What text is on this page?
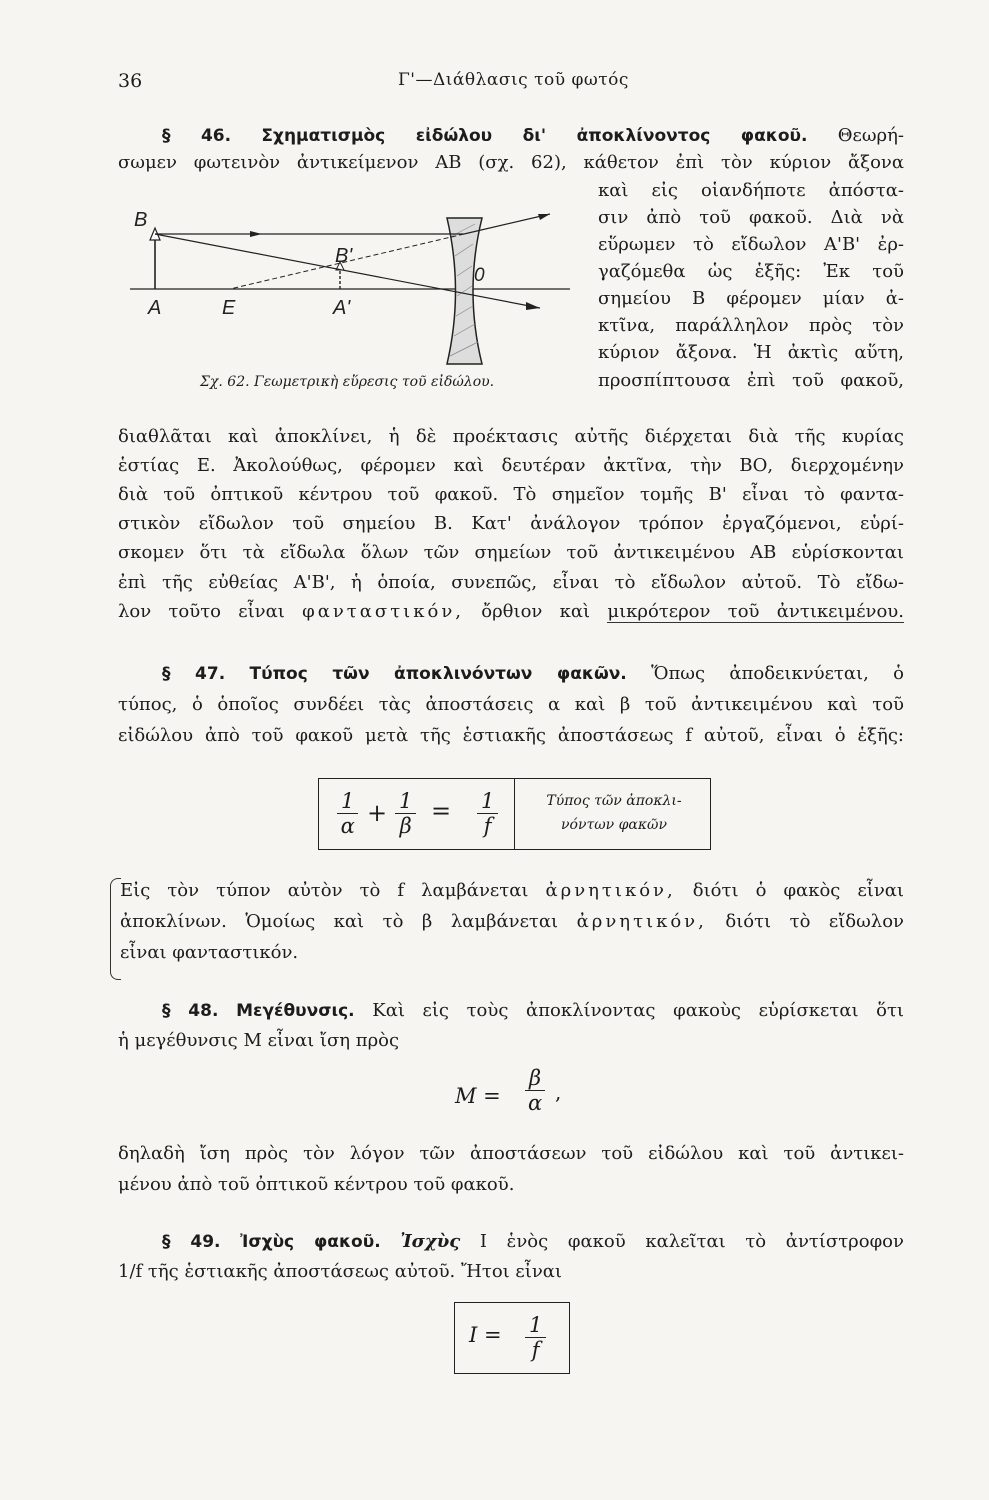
36	Γ'—Διάθλασις τοῦ φωτός
§ 46. Σχηματισμὸς εἰδώλου δι' ἀποκλίνοντος φακοῦ. Θεωρή-
σωμεν φωτεινὸν ἀντικείμενον ΑΒ (σχ. 62), κάθετον ἐπὶ τὸν κύριον ἄξονα
καὶ εἰς οἱανδήποτε ἀπόστα-
σιν ἀπὸ τοῦ φακοῦ. Διὰ νὰ
εὕρωμεν τὸ εἴδωλον Α'Β' ἐρ-
γαζόμεθα ὡς ἑξῆς: Ἐκ τοῦ
σημείου Β φέρομεν μίαν ἀ-
κτῖνα, παράλληλον πρὸς τὸν
κύριον ἄξονα. Ἡ ἀκτὶς αὕτη,
προσπίπτουσα ἐπὶ τοῦ φακοῦ,
B
A	E
B'
A'
0
Σχ. 62. Γεωμετρικὴ εὕρεσις τοῦ εἰδώλου.
διαθλᾶται καὶ ἀποκλίνει, ἡ δὲ προέκτασις αὐτῆς διέρχεται διὰ τῆς κυρίας
ἑστίας Ε. Ἀκολούθως, φέρομεν καὶ δευτέραν ἀκτῖνα, τὴν ΒΟ, διερχομένην
διὰ τοῦ ὀπτικοῦ κέντρου τοῦ φακοῦ. Τὸ σημεῖον τομῆς Β' εἶναι τὸ φαντα-
στικὸν εἴδωλον τοῦ σημείου Β. Κατ' ἀνάλογον τρόπον ἐργαζόμενοι, εὑρί-
σκομεν ὅτι τὰ εἴδωλα ὅλων τῶν σημείων τοῦ ἀντικειμένου ΑΒ εὑρίσκονται
ἐπὶ τῆς εὐθείας Α'Β', ἡ ὁποία, συνεπῶς, εἶναι τὸ εἴδωλον αὐτοῦ. Τὸ εἴδω-
λον τοῦτο εἶναι φανταστικόν, ὄρθιον καὶ μικρότερον τοῦ ἀντικειμένου.
§ 47. Τύπος τῶν ἀποκλινόντων φακῶν. Ὅπως ἀποδεικνύεται, ὁ
τύπος, ὁ ὁποῖος συνδέει τὰς ἀποστάσεις α καὶ β τοῦ ἀντικειμένου καὶ τοῦ
εἰδώλου ἀπὸ τοῦ φακοῦ μετὰ τῆς ἑστιακῆς ἀποστάσεως f αὐτοῦ, εἶναι ὁ ἑξῆς:
$\frac{1}{\alpha} + \frac{1}{\beta} = \frac{1}{f}$	Τύπος τῶν ἀποκλι-
νόντων φακῶν
Εἰς τὸν τύπον αὐτὸν τὸ f λαμβάνεται ἀρνητικόν, διότι ὁ φακὸς εἶναι
ἀποκλίνων. Ὁμοίως καὶ τὸ β λαμβάνεται ἀρνητικόν, διότι τὸ εἴδωλον
εἶναι φανταστικόν.
§ 48. Μεγέθυνσις. Καὶ εἰς τοὺς ἀποκλίνοντας φακοὺς εὑρίσκεται ὅτι
ἡ μεγέθυνσις Μ εἶναι ἴση πρὸς
$M = \frac{\beta}{\alpha}$ ,
δηλαδὴ ἴση πρὸς τὸν λόγον τῶν ἀποστάσεων τοῦ εἰδώλου καὶ τοῦ ἀντικει-
μένου ἀπὸ τοῦ ὀπτικοῦ κέντρου τοῦ φακοῦ.
§ 49. Ἰσχὺς φακοῦ. Ἰσχὺς Ι ἑνὸς φακοῦ καλεῖται τὸ ἀντίστροφον
1/f τῆς ἑστιακῆς ἀποστάσεως αὐτοῦ. Ἤτοι εἶναι
$I = \frac{1}{f}$
